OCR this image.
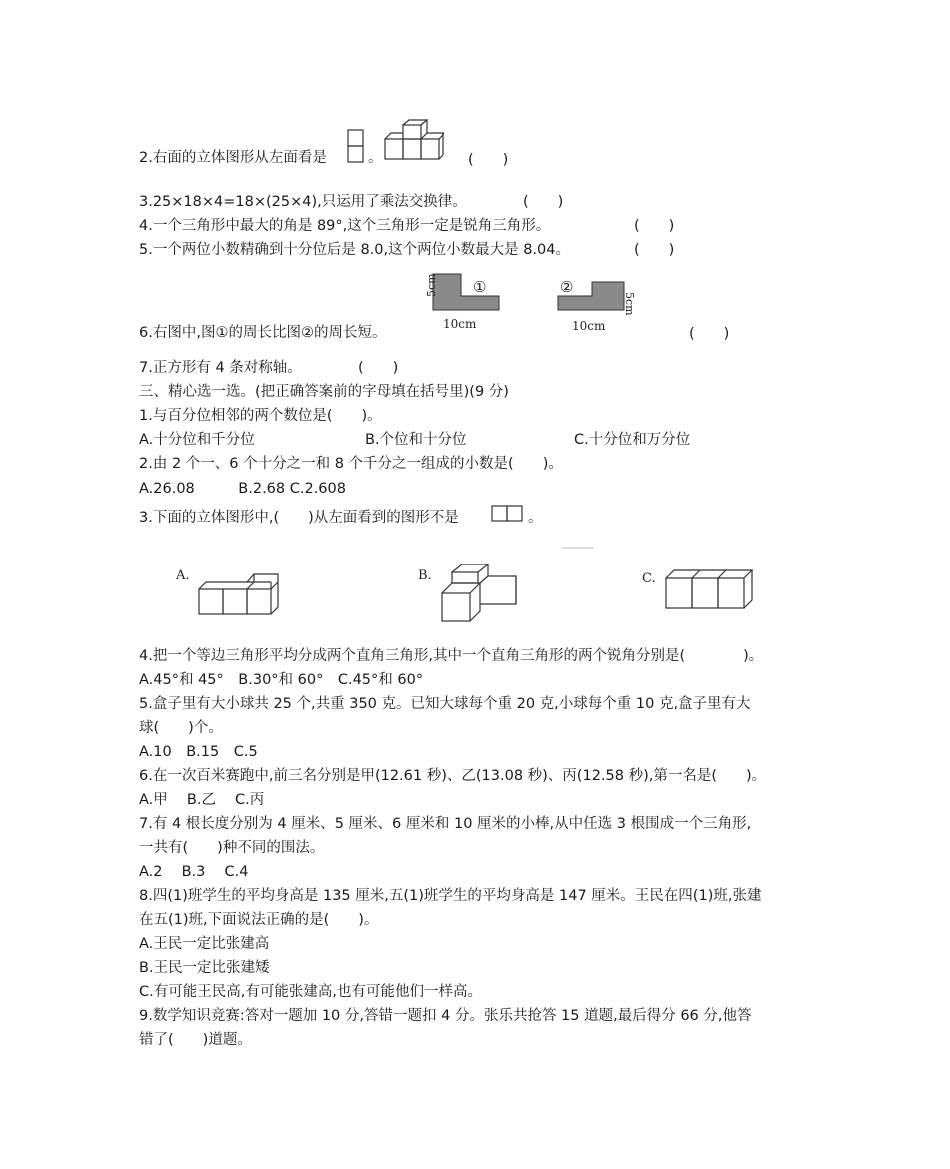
2.右面的立体图形从左面看是	。	(　　)
3.25×18×4=18×(25×4),只运用了乘法交换律。	(　　)
4.一个三角形中最大的角是 89°,这个三角形一定是锐角三角形。	(　　)
5.一个两位小数精确到十分位后是 8.0,这个两位小数最大是 8.04。	(　　)
5cm ①
10cm
②
5cm
10cm
6.右图中,图①的周长比图②的周长短。	(　　)
7.正方形有 4 条对称轴。	(　　)
三、精心选一选。(把正确答案前的字母填在括号里)(9 分)
1.与百分位相邻的两个数位是(　　)。
A.十分位和千分位	B.个位和十分位	C.十分位和万分位
2.由 2 个一、6 个十分之一和 8 个千分之一组成的小数是(　　)。
A.26.08　　　B.2.68 C.2.608
3.下面的立体图形中,(　　)从左面看到的图形不是	。
A.	B.	C.
4.把一个等边三角形平均分成两个直角三角形,其中一个直角三角形的两个锐角分别是(　　　　)。
A.45°和 45°　B.30°和 60°　C.45°和 60°
5.盒子里有大小球共 25 个,共重 350 克。已知大球每个重 20 克,小球每个重 10 克,盒子里有大
球(　　)个。
A.10　B.15　C.5
6.在一次百米赛跑中,前三名分别是甲(12.61 秒)、乙(13.08 秒)、丙(12.58 秒),第一名是(　　)。
A.甲　 B.乙　 C.丙
7.有 4 根长度分别为 4 厘米、5 厘米、6 厘米和 10 厘米的小棒,从中任选 3 根围成一个三角形,
一共有(　　)种不同的围法。
A.2　 B.3　 C.4
8.四(1)班学生的平均身高是 135 厘米,五(1)班学生的平均身高是 147 厘米。王民在四(1)班,张建
在五(1)班,下面说法正确的是(　　)。
A.王民一定比张建高
B.王民一定比张建矮
C.有可能王民高,有可能张建高,也有可能他们一样高。
9.数学知识竞赛:答对一题加 10 分,答错一题扣 4 分。张乐共抢答 15 道题,最后得分 66 分,他答
错了(　　)道题。
